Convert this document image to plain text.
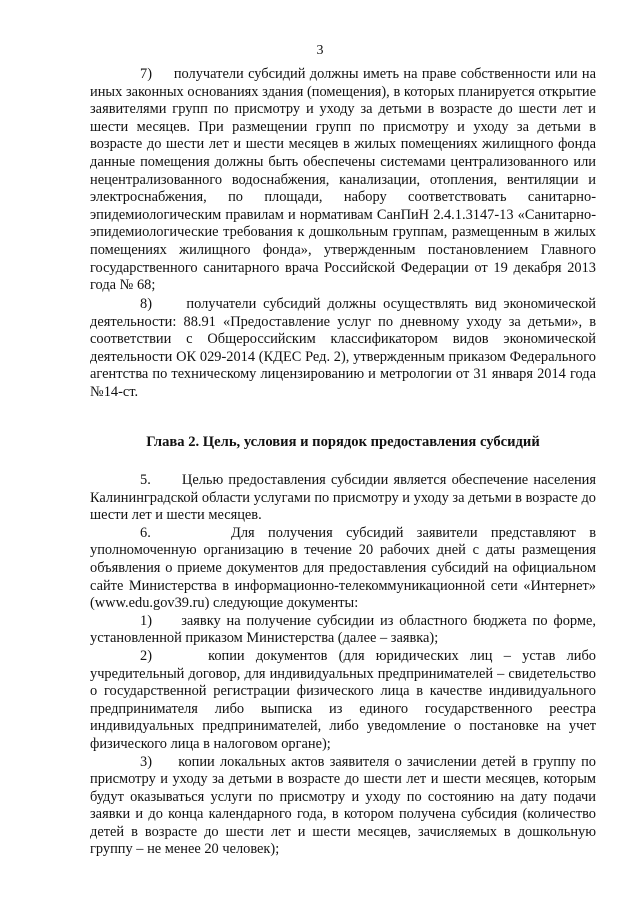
3

7)     получатели субсидий должны иметь на праве собственности или на иных законных основаниях здания (помещения), в которых планируется открытие заявителями групп по присмотру и уходу за детьми в возрасте до шести лет и шести месяцев. При размещении групп по присмотру и уходу за детьми в возрасте до шести лет и шести месяцев в жилых помещениях жилищного фонда данные помещения должны быть обеспечены системами централизованного или нецентрализованного водоснабжения, канализации, отопления, вентиляции и электроснабжения, по площади, набору соответствовать санитарно-эпидемиологическим правилам и нормативам СанПиН 2.4.1.3147-13 «Санитарно-эпидемиологические требования к дошкольным группам, размещенным в жилых помещениях жилищного фонда», утвержденным постановлением Главного государственного санитарного врача Российской Федерации от 19 декабря 2013 года № 68;

8)     получатели субсидий должны осуществлять вид экономической деятельности: 88.91 «Предоставление услуг по дневному уходу за детьми», в соответствии с Общероссийским классификатором видов экономической деятельности ОК 029-2014 (КДЕС Ред. 2), утвержденным приказом Федерального агентства по техническому лицензированию и метрологии от 31 января 2014 года №14-ст.

Глава 2. Цель, условия и порядок предоставления субсидий

5.      Целью предоставления субсидии является обеспечение населения Калининградской области услугами по присмотру и уходу за детьми в возрасте до шести лет и шести месяцев.

6.      Для получения субсидий заявители представляют в уполномоченную организацию в течение 20 рабочих дней с даты размещения объявления о приеме документов для предоставления субсидий на официальном сайте Министерства в информационно-телекоммуникационной сети «Интернет» (www.edu.gov39.ru) следующие документы:

1)     заявку на получение субсидии из областного бюджета по форме, установленной приказом Министерства (далее – заявка);

2)     копии документов (для юридических лиц – устав либо учредительный договор, для индивидуальных предпринимателей – свидетельство о государственной регистрации физического лица в качестве индивидуального предпринимателя либо выписка из единого государственного реестра индивидуальных предпринимателей, либо уведомление о постановке на учет физического лица в налоговом органе);

3)     копии локальных актов заявителя о зачислении детей в группу по присмотру и уходу за детьми в возрасте до шести лет и шести месяцев, которым будут оказываться услуги по присмотру и уходу по состоянию на дату подачи заявки и до конца календарного года, в котором получена субсидия (количество детей в возрасте до шести лет и шести месяцев, зачисляемых в дошкольную группу – не менее 20 человек);
